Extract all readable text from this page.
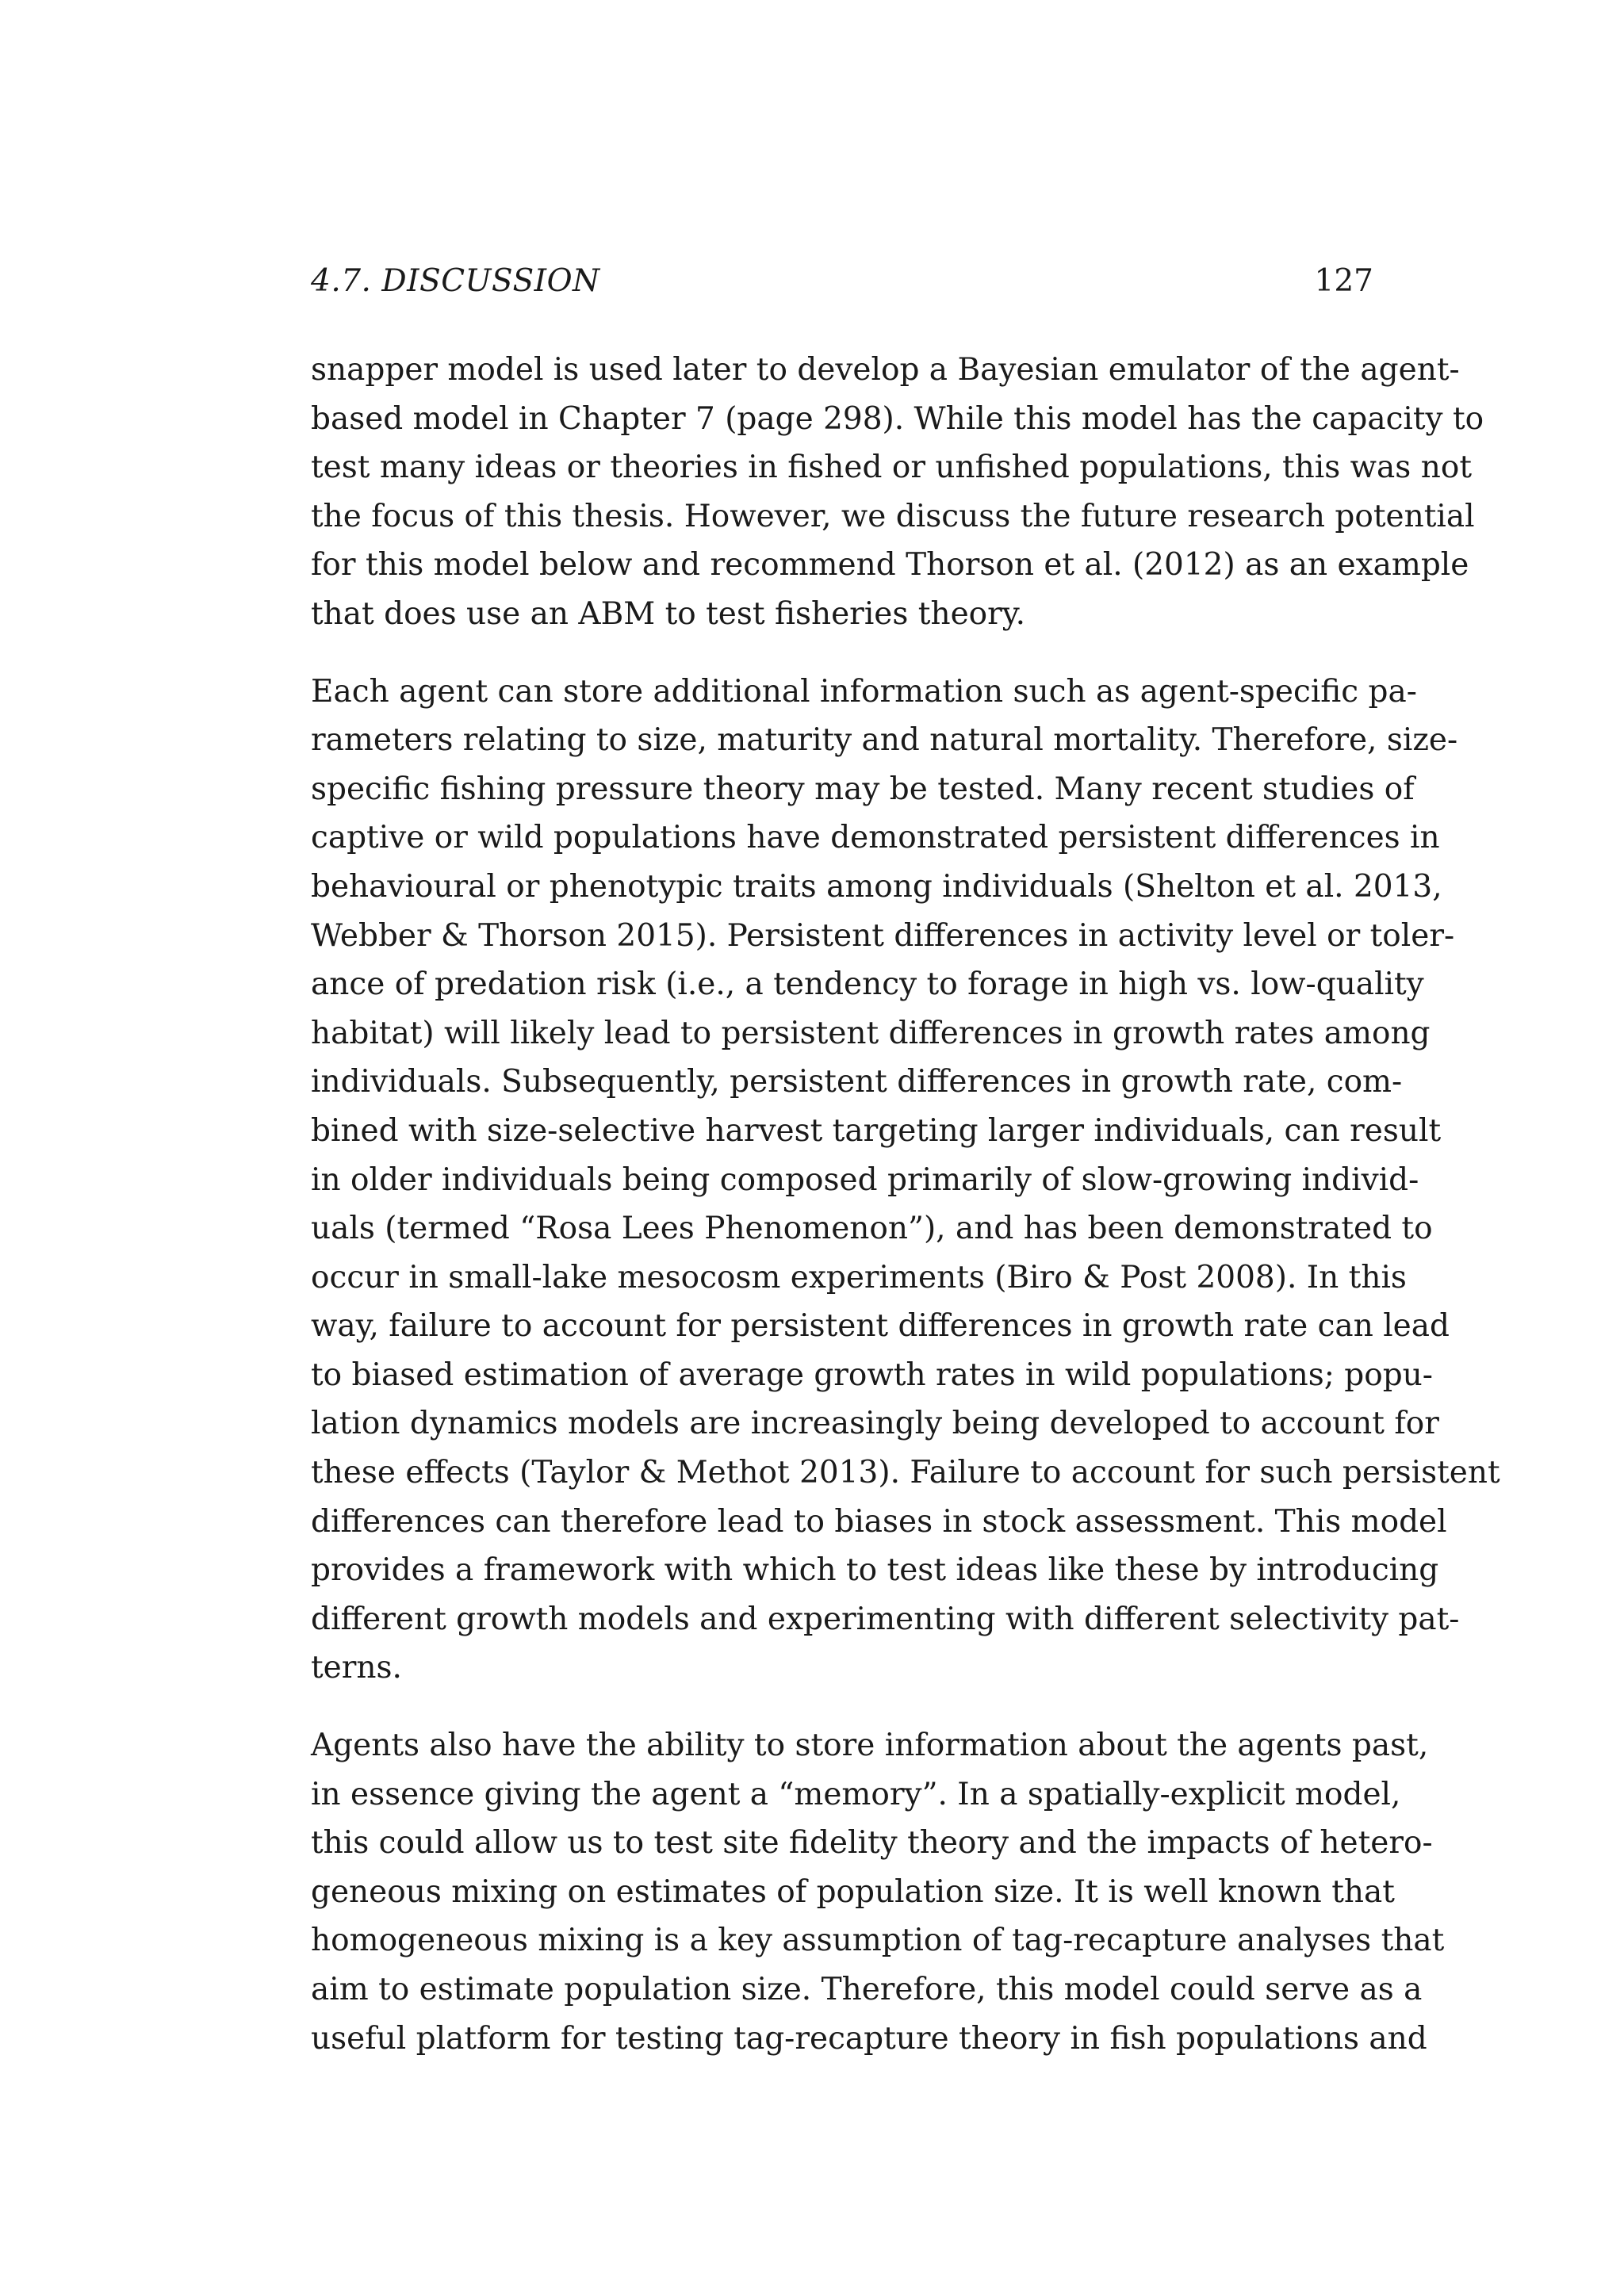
4.7. DISCUSSION	127

snapper model is used later to develop a Bayesian emulator of the agent-
based model in Chapter 7 (page 298). While this model has the capacity to
test many ideas or theories in fished or unfished populations, this was not
the focus of this thesis. However, we discuss the future research potential
for this model below and recommend Thorson et al. (2012) as an example
that does use an ABM to test fisheries theory.

Each agent can store additional information such as agent-specific pa-
rameters relating to size, maturity and natural mortality. Therefore, size-
specific fishing pressure theory may be tested. Many recent studies of
captive or wild populations have demonstrated persistent differences in
behavioural or phenotypic traits among individuals (Shelton et al. 2013,
Webber & Thorson 2015). Persistent differences in activity level or toler-
ance of predation risk (i.e., a tendency to forage in high vs. low-quality
habitat) will likely lead to persistent differences in growth rates among
individuals. Subsequently, persistent differences in growth rate, com-
bined with size-selective harvest targeting larger individuals, can result
in older individuals being composed primarily of slow-growing individ-
uals (termed “Rosa Lees Phenomenon”), and has been demonstrated to
occur in small-lake mesocosm experiments (Biro & Post 2008). In this
way, failure to account for persistent differences in growth rate can lead
to biased estimation of average growth rates in wild populations; popu-
lation dynamics models are increasingly being developed to account for
these effects (Taylor & Methot 2013). Failure to account for such persistent
differences can therefore lead to biases in stock assessment. This model
provides a framework with which to test ideas like these by introducing
different growth models and experimenting with different selectivity pat-
terns.

Agents also have the ability to store information about the agents past,
in essence giving the agent a “memory”. In a spatially-explicit model,
this could allow us to test site fidelity theory and the impacts of hetero-
geneous mixing on estimates of population size. It is well known that
homogeneous mixing is a key assumption of tag-recapture analyses that
aim to estimate population size. Therefore, this model could serve as a
useful platform for testing tag-recapture theory in fish populations and
